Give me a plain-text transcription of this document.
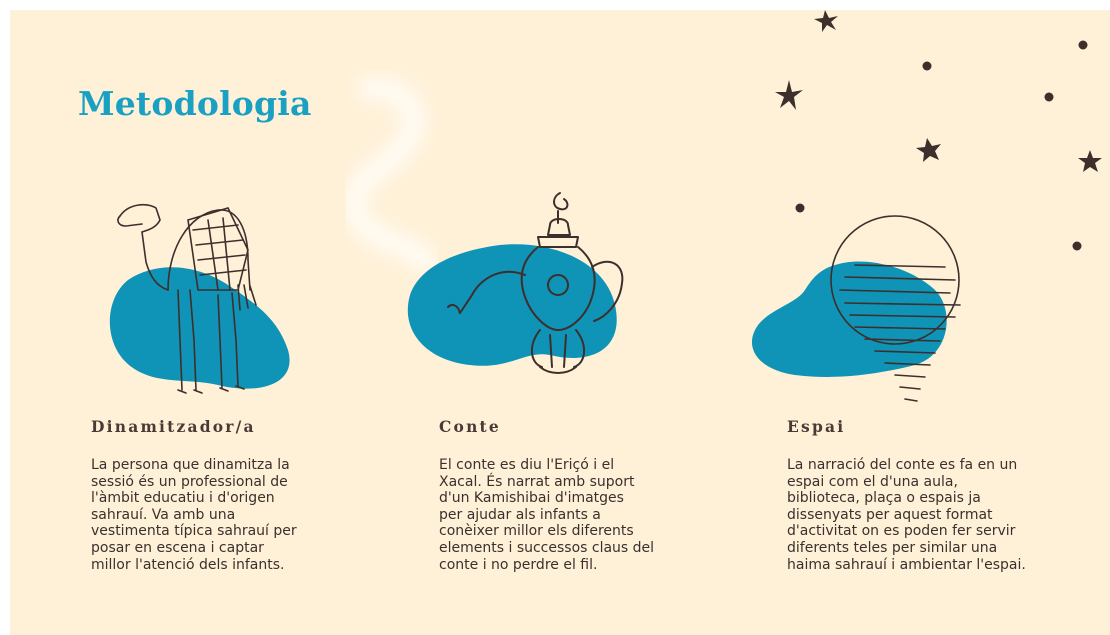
Metodologia
Dinamitzador/a

La persona que dinamitza la
sessió és un professional de
l'àmbit educatiu i d'origen
sahrauí. Va amb una
vestimenta típica sahrauí per
posar en escena i captar
millor l'atenció dels infants.

Conte

El conte es diu l'Eriçó i el
Xacal. És narrat amb suport
d'un Kamishibai d'imatges
per ajudar als infants a
conèixer millor els diferents
elements i successos claus del
conte i no perdre el fil.

Espai

La narració del conte es fa en un
espai com el d'una aula,
biblioteca, plaça o espais ja
dissenyats per aquest format
d'activitat on es poden fer servir
diferents teles per similar una
haima sahrauí i ambientar l'espai.
